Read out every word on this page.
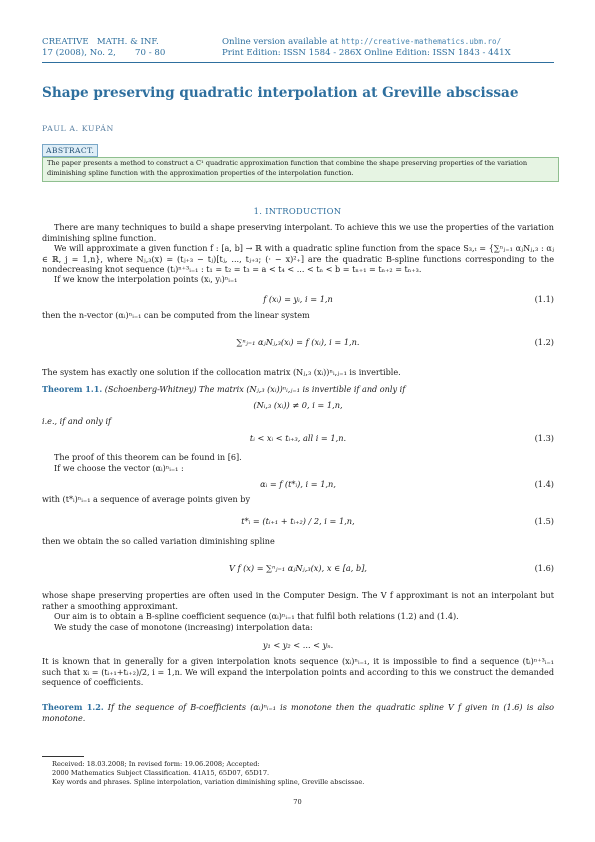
CREATIVE MATH. & INF.
17 (2008), No. 2, 70 - 80
Online version available at http://creative-mathematics.ubm.ro/
Print Edition: ISSN 1584 - 286X Online Edition: ISSN 1843 - 441X
Shape preserving quadratic interpolation at Greville abscissae
PAUL A. KUPÁN
ABSTRACT.
The paper presents a method to construct a C¹ quadratic approximation function that combine the shape preserving properties of the variation diminishing spline function with the approximation properties of the interpolation function.
1. INTRODUCTION
There are many techniques to build a shape preserving interpolant. To achieve this we use the properties of the variation diminishing spline function.
We will approximate a given function f : [a, b] → ℝ with a quadratic spline function from the space S₃,ₜ = {∑ⁿⱼ₌₁ αⱼNⱼ,₃ : αⱼ ∈ ℝ, j = 1,n}, where Nⱼ,₃(x) = (tⱼ₊₃ − tⱼ)[tⱼ, ..., tⱼ₊₃; (· − x)²₊] are the quadratic B-spline functions corresponding to the nondecreasing knot sequence (tᵢ)ⁿ⁺³ᵢ₌₁ : t₁ = t₂ = t₃ = a < t₄ < ... < tₙ < b = tₙ₊₁ = tₙ₊₂ = tₙ₊₃.
If we know the interpolation points (xᵢ, yᵢ)ⁿᵢ₌₁
f (xᵢ) = yᵢ, i = 1,n	(1.1)
then the n-vector (αᵢ)ⁿᵢ₌₁ can be computed from the linear system
∑ⁿⱼ₌₁ αⱼNⱼ,₃(xᵢ) = f (xᵢ), i = 1,n.	(1.2)
The system has exactly one solution if the collocation matrix (Nⱼ,₃ (xᵢ))ⁿᵢ,ⱼ₌₁ is invertible.
Theorem 1.1. (Schoenberg-Whitney) The matrix (Nⱼ,₃ (xᵢ))ⁿᵢ,ⱼ₌₁ is invertible if and only if
(Nᵢ,₃ (xᵢ)) ≠ 0, i = 1,n,
i.e., if and only if
tᵢ < xᵢ < tᵢ₊₃, all i = 1,n.	(1.3)
The proof of this theorem can be found in [6].
If we choose the vector (αᵢ)ⁿᵢ₌₁ :
αᵢ = f (t*ᵢ), i = 1,n,	(1.4)
with (t*ᵢ)ⁿᵢ₌₁ a sequence of average points given by
t*ᵢ = (tᵢ₊₁ + tᵢ₊₂) / 2, i = 1,n,	(1.5)
then we obtain the so called variation diminishing spline
V f (x) = ∑ⁿⱼ₌₁ αⱼNⱼ,₃(x), x ∈ [a, b],	(1.6)
whose shape preserving properties are often used in the Computer Design. The V f approximant is not an interpolant but rather a smoothing approximant.
Our aim is to obtain a B-spline coefficient sequence (αᵢ)ⁿᵢ₌₁ that fulfil both relations (1.2) and (1.4).
We study the case of monotone (increasing) interpolation data:
y₁ < y₂ < ... < yₙ.
It is known that in generally for a given interpolation knots sequence (xᵢ)ⁿᵢ₌₁, it is impossible to find a sequence (tᵢ)ⁿ⁺³ᵢ₌₁ such that xᵢ = (tᵢ₊₁+tᵢ₊₂)/2, i = 1,n. We will expand the interpolation points and according to this we construct the demanded sequence of coefficients.
Theorem 1.2. If the sequence of B-coefficients (αᵢ)ⁿᵢ₌₁ is monotone then the quadratic spline V f given in (1.6) is also monotone.
Received: 18.03.2008; In revised form: 19.06.2008; Accepted:
2000 Mathematics Subject Classification. 41A15, 65D07, 65D17.
Key words and phrases. Spline interpolation, variation diminishing spline, Greville abscissae.
70
